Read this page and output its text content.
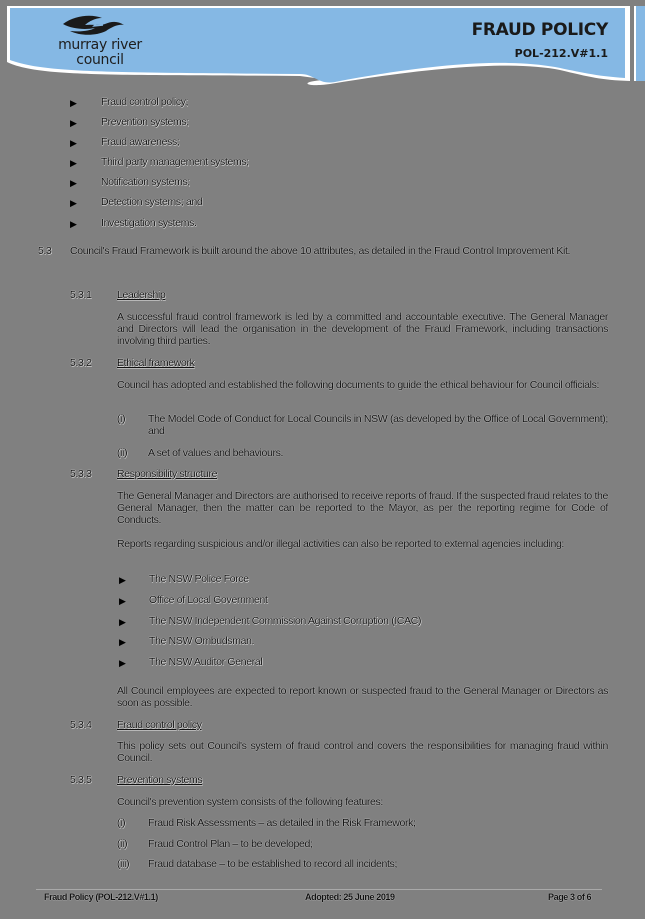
murray river
council
FRAUD POLICY
POL-212.V#1.1
▶ Fraud control policy;
▶ Prevention systems;
▶ Fraud awareness;
▶ Third party management systems;
▶ Notification systems;
▶ Detection systems; and
▶ Investigation systems.
5.3 Council's Fraud Framework is built around the above 10 attributes, as detailed in the Fraud Control Improvement Kit.
5.3.1 Leadership
A successful fraud control framework is led by a committed and accountable executive. The General Manager and Directors will lead the organisation in the development of the Fraud Framework, including transactions involving third parties.
5.3.2 Ethical framework
Council has adopted and established the following documents to guide the ethical behaviour for Council officials:
(i) The Model Code of Conduct for Local Councils in NSW (as developed by the Office of Local Government); and
(ii) A set of values and behaviours.
5.3.3 Responsibility structure
The General Manager and Directors are authorised to receive reports of fraud. If the suspected fraud relates to the General Manager, then the matter can be reported to the Mayor, as per the reporting regime for Code of Conducts.
Reports regarding suspicious and/or illegal activities can also be reported to external agencies including:
▶ The NSW Police Force
▶ Office of Local Government
▶ The NSW Independent Commission Against Corruption (ICAC)
▶ The NSW Ombudsman.
▶ The NSW Auditor General
All Council employees are expected to report known or suspected fraud to the General Manager or Directors as soon as possible.
5.3.4 Fraud control policy
This policy sets out Council's system of fraud control and covers the responsibilities for managing fraud within Council.
5.3.5 Prevention systems
Council's prevention system consists of the following features:
(i) Fraud Risk Assessments – as detailed in the Risk Framework;
(ii) Fraud Control Plan – to be developed;
(iii) Fraud database – to be established to record all incidents;
Fraud Policy (POL-212.V#1.1)	Adopted: 25 June 2019	Page 3 of 6
